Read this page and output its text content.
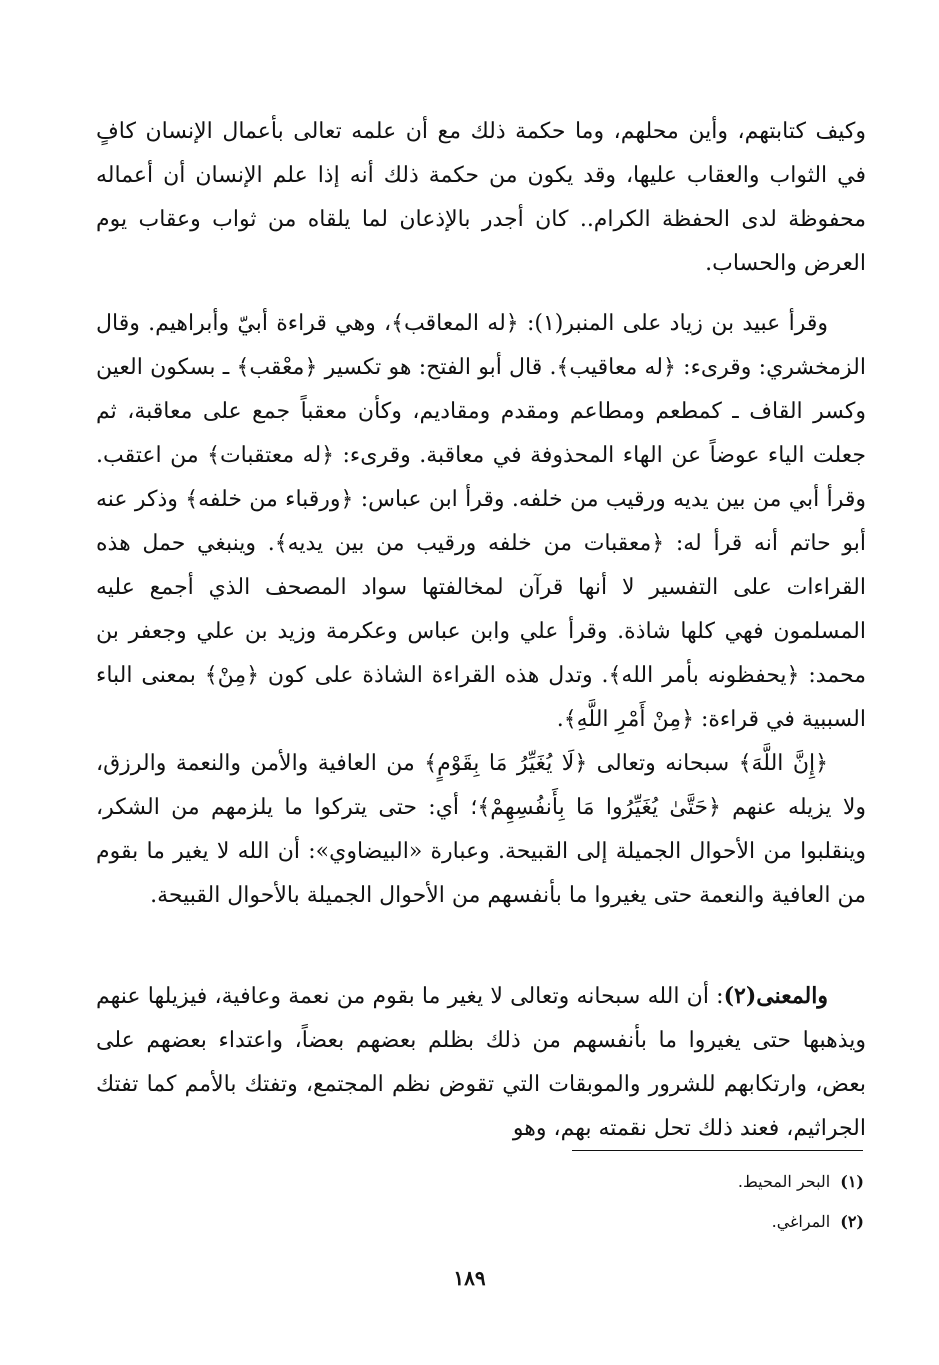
وكيف كتابتهم، وأين محلهم، وما حكمة ذلك مع أن علمه تعالى بأعمال الإنسان كافٍ في الثواب والعقاب عليها، وقد يكون من حكمة ذلك أنه إذا علم الإنسان أن أعماله محفوظة لدى الحفظة الكرام.. كان أجدر بالإذعان لما يلقاه من ثواب وعقاب يوم العرض والحساب.

وقرأ عبيد بن زياد على المنبر(١): ﴿له المعاقب﴾، وهي قراءة أبيّ وأبراهيم. وقال الزمخشري: وقرىء: ﴿له معاقيب﴾. قال أبو الفتح: هو تكسير ﴿معْقب﴾ ـ بسكون العين وكسر القاف ـ كمطعم ومطاعم ومقدم ومقاديم، وكأن معقباً جمع على معاقبة، ثم جعلت الياء عوضاً عن الهاء المحذوفة في معاقبة. وقرىء: ﴿له معتقبات﴾ من اعتقب. وقرأ أبي من بين يديه ورقيب من خلفه. وقرأ ابن عباس: ﴿ورقباء من خلفه﴾ وذكر عنه أبو حاتم أنه قرأ له: ﴿معقبات من خلفه ورقيب من بين يديه﴾. وينبغي حمل هذه القراءات على التفسير لا أنها قرآن لمخالفتها سواد المصحف الذي أجمع عليه المسلمون فهي كلها شاذة. وقرأ علي وابن عباس وعكرمة وزيد بن علي وجعفر بن محمد: ﴿يحفظونه بأمر الله﴾. وتدل هذه القراءة الشاذة على كون ﴿مِنْ﴾ بمعنى الباء السببية في قراءة: ﴿مِنْ أَمْرِ اللَّهِ﴾.

﴿إِنَّ اللَّهَ﴾ سبحانه وتعالى ﴿لَا يُغَيِّرُ مَا بِقَوْمٍ﴾ من العافية والأمن والنعمة والرزق، ولا يزيله عنهم ﴿حَتَّىٰ يُغَيِّرُوا مَا بِأَنفُسِهِمْ﴾؛ أي: حتى يتركوا ما يلزمهم من الشكر، وينقلبوا من الأحوال الجميلة إلى القبيحة. وعبارة «البيضاوي»: أن الله لا يغير ما بقوم من العافية والنعمة حتى يغيروا ما بأنفسهم من الأحوال الجميلة بالأحوال القبيحة.

والمعنى(٢): أن الله سبحانه وتعالى لا يغير ما بقوم من نعمة وعافية، فيزيلها عنهم ويذهبها حتى يغيروا ما بأنفسهم من ذلك بظلم بعضهم بعضاً، واعتداء بعضهم على بعض، وارتكابهم للشرور والموبقات التي تقوض نظم المجتمع، وتفتك بالأمم كما تفتك الجراثيم، فعند ذلك تحل نقمته بهم، وهو

(١)البحر المحيط.
(٢)المراغي.
١٨٩
